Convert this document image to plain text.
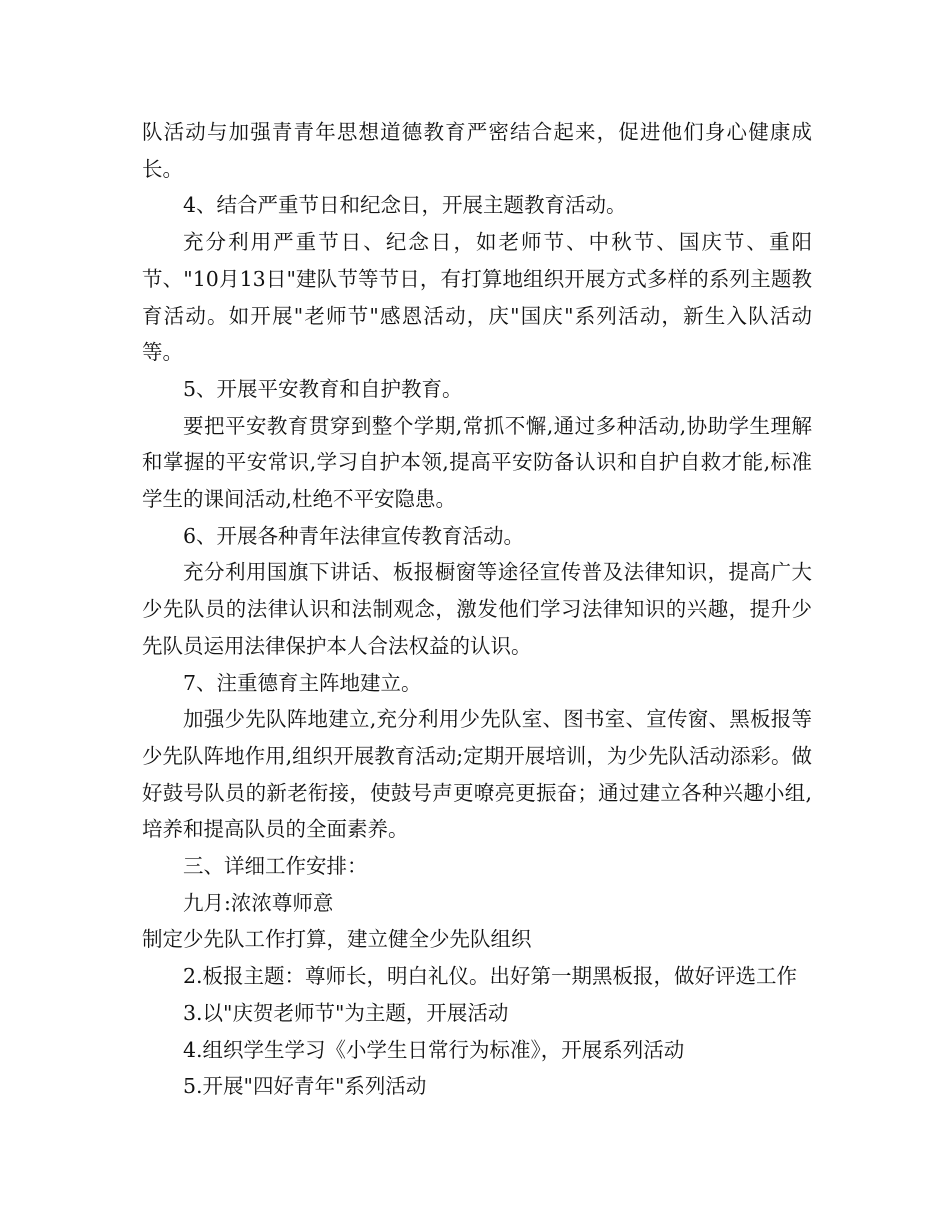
队活动与加强青青年思想道德教育严密结合起来，促进他们身心健康成长。

4、结合严重节日和纪念日，开展主题教育活动。

充分利用严重节日、纪念日，如老师节、中秋节、国庆节、重阳节、"10月13日"建队节等节日，有打算地组织开展方式多样的系列主题教育活动。如开展"老师节"感恩活动，庆"国庆"系列活动，新生入队活动等。

5、开展平安教育和自护教育。

要把平安教育贯穿到整个学期,常抓不懈,通过多种活动,协助学生理解和掌握的平安常识,学习自护本领,提高平安防备认识和自护自救才能,标准学生的课间活动,杜绝不平安隐患。

6、开展各种青年法律宣传教育活动。

充分利用国旗下讲话、板报橱窗等途径宣传普及法律知识，提高广大少先队员的法律认识和法制观念，激发他们学习法律知识的兴趣，提升少先队员运用法律保护本人合法权益的认识。

7、注重德育主阵地建立。

加强少先队阵地建立,充分利用少先队室、图书室、宣传窗、黑板报等少先队阵地作用,组织开展教育活动;定期开展培训，为少先队活动添彩。做好鼓号队员的新老衔接，使鼓号声更嘹亮更振奋；通过建立各种兴趣小组,培养和提高队员的全面素养。

三、详细工作安排：

九月:浓浓尊师意

制定少先队工作打算，建立健全少先队组织

2.板报主题：尊师长，明白礼仪。出好第一期黑板报，做好评选工作

3.以"庆贺老师节"为主题，开展活动

4.组织学生学习《小学生日常行为标准》，开展系列活动

5.开展"四好青年"系列活动
